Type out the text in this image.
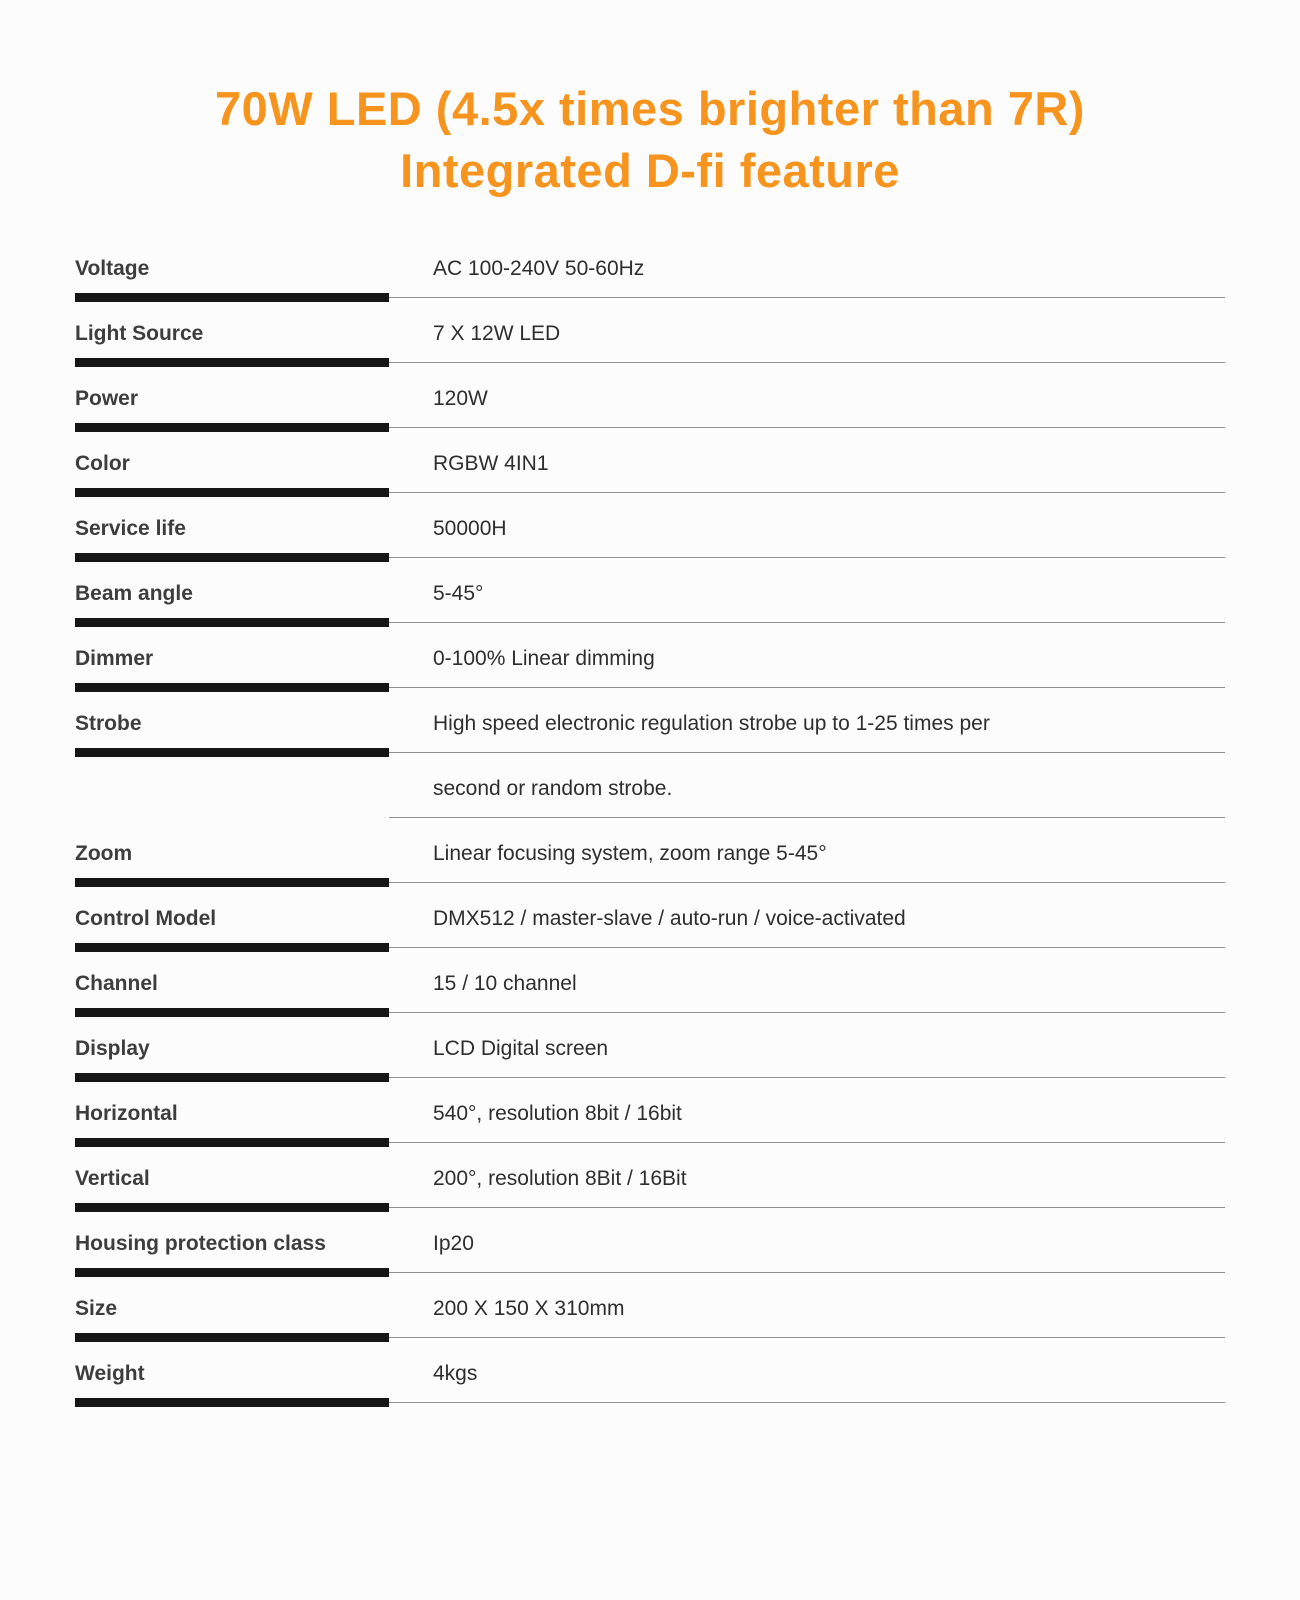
70W LED (4.5x times brighter than 7R)
Integrated D-fi feature
Voltage	AC 100-240V 50-60Hz
Light Source	7 X 12W LED
Power	120W
Color	RGBW 4IN1
Service life	50000H
Beam angle	5-45°
Dimmer	0-100% Linear dimming
Strobe	High speed electronic regulation strobe up to 1-25 times per
second or random strobe.
Zoom	Linear focusing system, zoom range 5-45°
Control Model	DMX512 / master-slave / auto-run / voice-activated
Channel	15 / 10 channel
Display	LCD Digital screen
Horizontal	540°, resolution 8bit / 16bit
Vertical	200°, resolution 8Bit / 16Bit
Housing protection class	Ip20
Size	200 X 150 X 310mm
Weight	4kgs
